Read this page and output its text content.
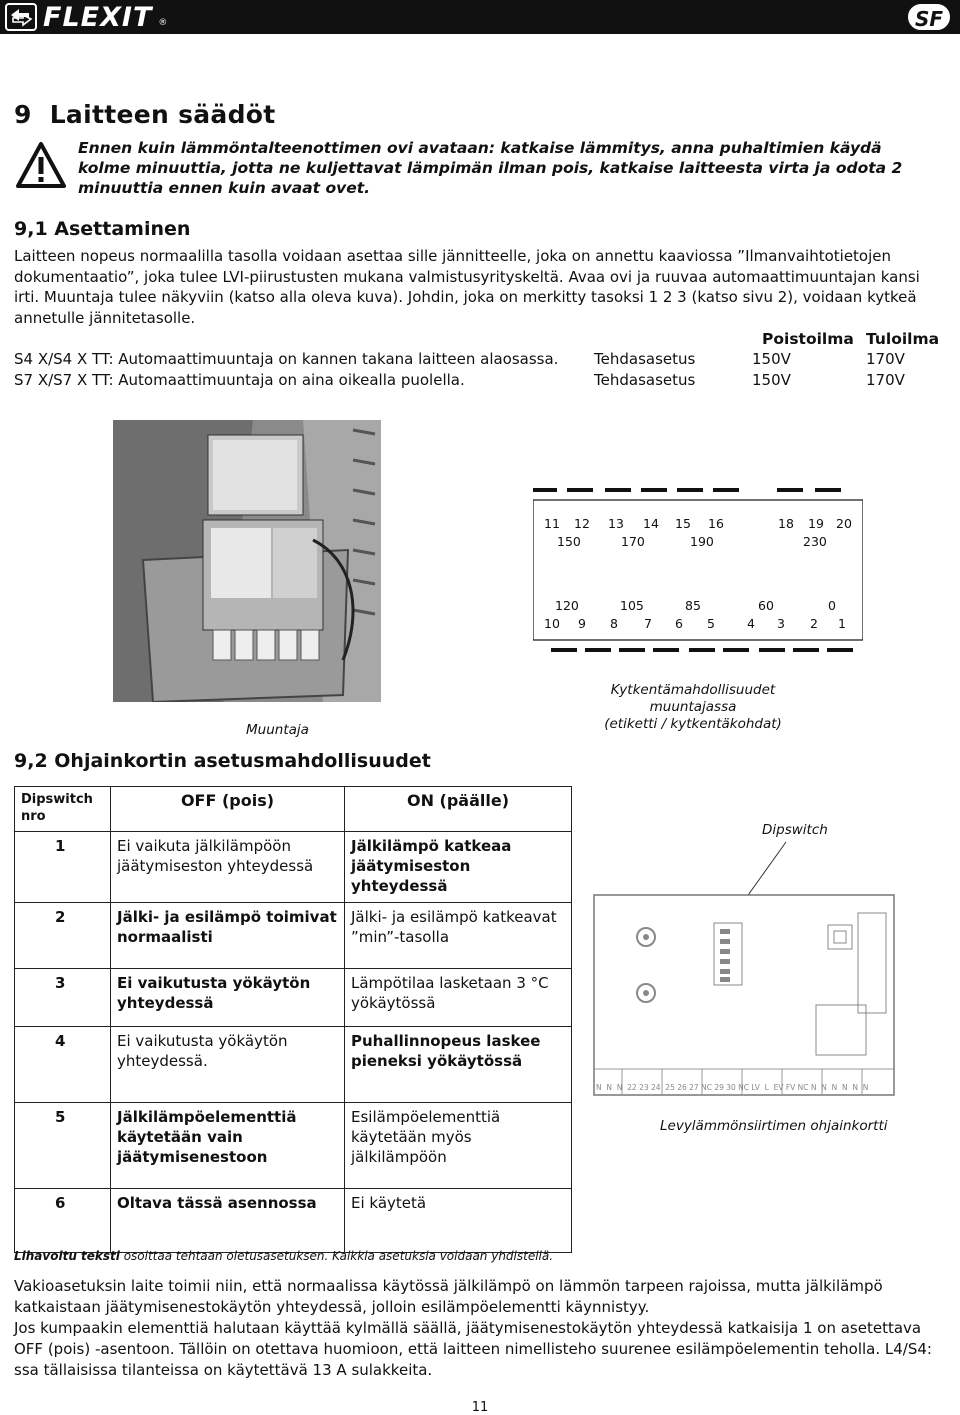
FLEXIT ®	SF
9  Laitteen säädöt
Ennen kuin lämmöntalteenottimen ovi avataan: katkaise lämmitys, anna puhaltimien käydä kolme minuuttia, jotta ne kuljettavat lämpimän ilman pois, katkaise laitteesta virta ja odota 2 minuuttia ennen kuin avaat ovet.
9,1 Asettaminen

Laitteen nopeus normaalilla tasolla voidaan asettaa sille jännitteelle, joka on annettu kaaviossa ”Ilmanvaihtotietojen dokumentaatio”, joka tulee LVI-piirustusten mukana valmistusyrityskeltä. Avaa ovi ja ruuvaa automaattimuuntajan kansi irti. Muuntaja tulee näkyviin (katso alla oleva kuva). Johdin, joka on merkitty tasoksi 1 2 3 (katso sivu 2), voidaan kytkeä annetulle jännitetasolle.

Poistoilma Tuloilma
S4 X/S4 X TT: Automaattimuuntaja on kannen takana laitteen alaosassa. Tehdasasetus	150V	170V
S7 X/S7 X TT: Automaattimuuntaja on aina oikealla puolella.	Tehdasasetus	150V	170V
Muuntaja
11 12 13 14 15 16	18 19 20
150	170	190	230
120	105	85	60	0
10 9 8 7 6 5	4 3 2 1
Kytkentämahdollisuudet muuntajassa
(etiketti / kytkentäkohdat)
9,2 Ohjainkortin asetusmahdollisuudet
Dipswitch nro	OFF (pois)	ON (päälle)
1	Ei vaikuta jälkilämpöön jäätymiseston yhteydessä	Jälkilämpö katkeaa jäätymiseston yhteydessä
2	Jälki- ja esilämpö toimivat normaalisti	Jälki- ja esilämpö katkeavat ”min”-tasolla
3	Ei vaikutusta yökäytön yhteydessä	Lämpötilaa lasketaan 3 °C yökäytössä
4	Ei vaikutusta yökäytön yhteydessä.	Puhallinnopeus laskee pieneksi yökäytössä
5	Jälkilämpöelementtiä käytetään vain jäätymisenestoon	Esilämpöelementtiä käytetään myös jälkilämpöön
6	Oltava tässä asennossa	Ei käytetä
Dipswitch
N  N  N  22 23 24  25 26 27 NC 29 30 NC LV  L  EV FV NC N  N  N  N  N  N
Levylämmönsiirtimen ohjainkortti
Lihavoitu teksti osoittaa tehtaan oletusasetuksen. Kaikkia asetuksia voidaan yhdistellä.

Vakioasetuksin laite toimii niin, että normaalissa käytössä jälkilämpö on lämmön tarpeen rajoissa, mutta jälkilämpö katkaistaan jäätymisenestokäytön yhteydessä, jolloin esilämpöelementti käynnistyy.

Jos kumpaakin elementtiä halutaan käyttää kylmällä säällä, jäätymisenestokäytön yhteydessä katkaisija 1 on asetettava OFF (pois) -asentoon. Tällöin on otettava huomioon, että laitteen nimellisteho suurenee esilämpöelementin teholla. L4/S4: ssa tällaisissa tilanteissa on käytettävä 13 A sulakkeita.

11
